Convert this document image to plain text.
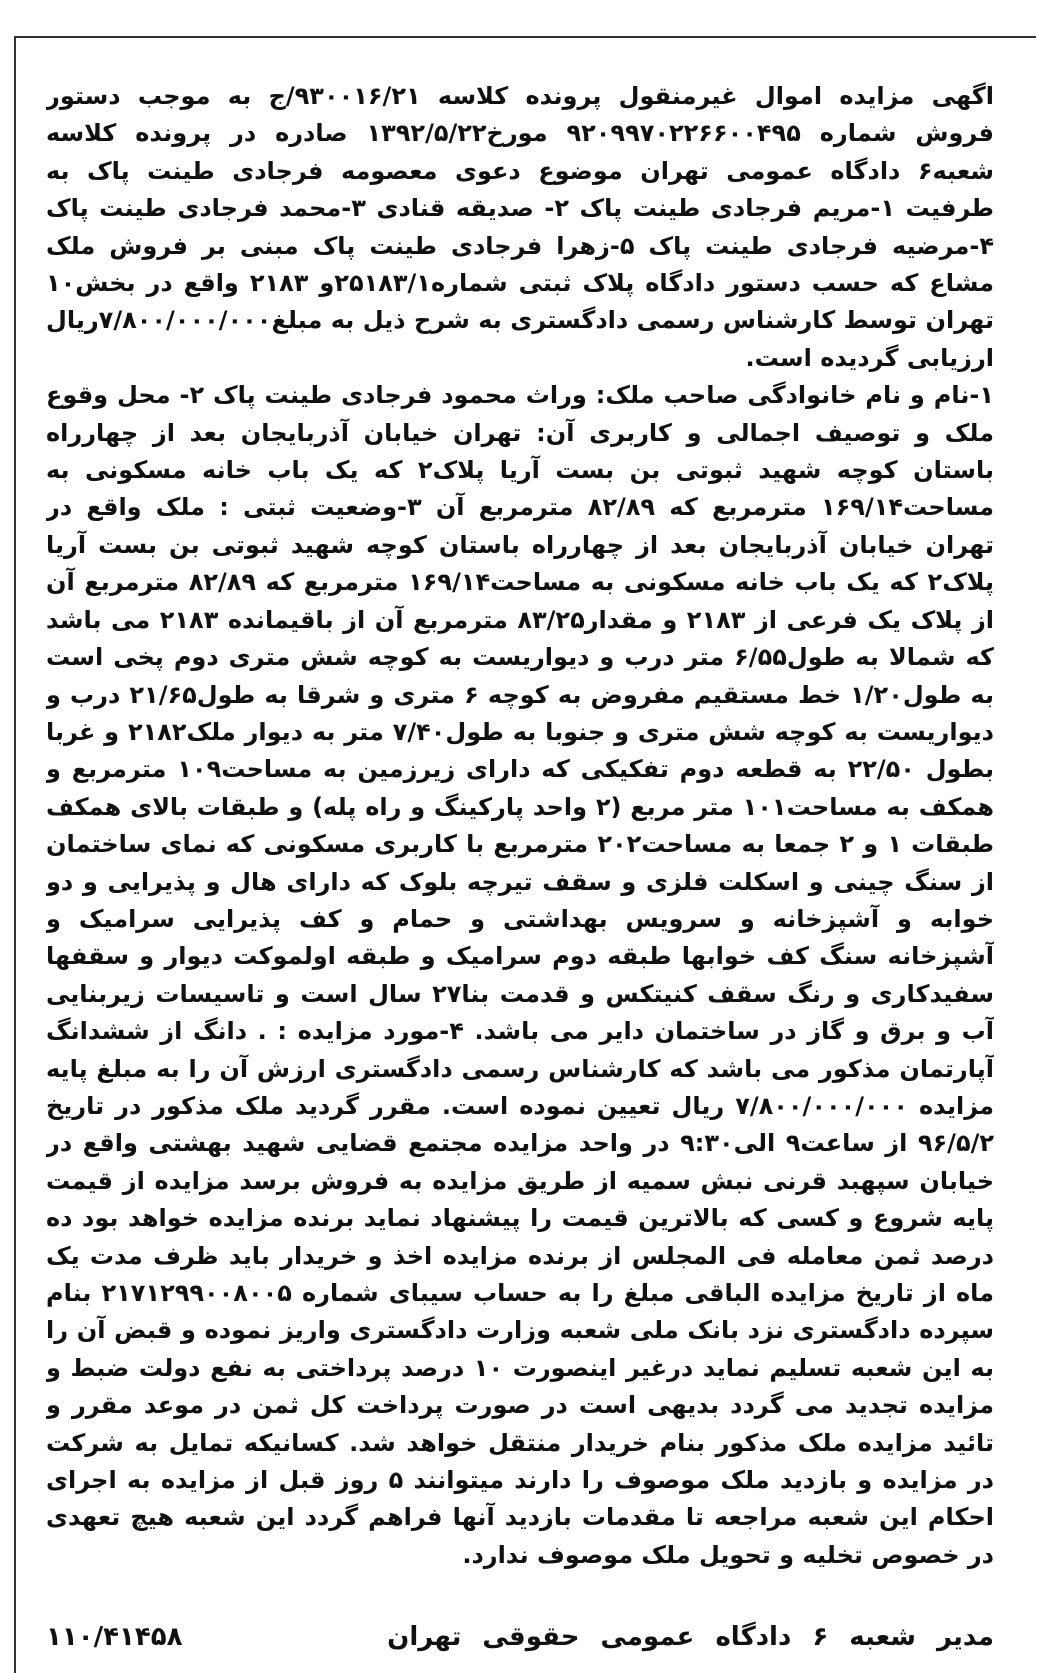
اگهی مزایده اموال غیرمنقول پرونده کلاسه ۹۳۰۰۱۶/۲۱/ج به موجب دستور فروش شماره ۹۲۰۹۹۷۰۲۲۶۶۰۰۴۹۵ مورخ۱۳۹۲/۵/۲۲ صادره در پرونده کلاسه شعبه۶ دادگاه عمومی تهران موضوع دعوی معصومه فرجادی طینت پاک به طرفیت ۱-مریم فرجادی طینت پاک ۲- صدیقه قنادی ۳-محمد فرجادی طینت پاک ۴-مرضیه فرجادی طینت پاک ۵-زهرا فرجادی طینت پاک مبنی بر فروش ملک مشاع که حسب دستور دادگاه پلاک ثبتی شماره۲۵۱۸۳/۱و ۲۱۸۳ واقع در بخش۱۰ تهران توسط کارشناس رسمی دادگستری به شرح ذیل به مبلغ۷/۸۰۰/۰۰۰/۰۰۰ریال ارزیابی گردیده است.

۱-نام و نام خانوادگی صاحب ملک: وراث محمود فرجادی طینت پاک ۲- محل وقوع ملک و توصیف اجمالی و کاربری آن: تهران خیابان آذربایجان بعد از چهارراه باستان کوچه شهید ثبوتی بن بست آریا پلاک۲ که یک باب خانه مسکونی به مساحت۱۶۹/۱۴ مترمربع که ۸۲/۸۹ مترمربع آن ۳-وضعیت ثبتی : ملک واقع در تهران خیابان آذربایجان بعد از چهارراه باستان کوچه شهید ثبوتی بن بست آریا پلاک۲ که یک باب خانه مسکونی به مساحت۱۶۹/۱۴ مترمربع که ۸۲/۸۹ مترمربع آن از پلاک یک فرعی از ۲۱۸۳ و مقدار۸۳/۲۵ مترمربع آن از باقیمانده ۲۱۸۳ می باشد که شمالا به طول۶/۵۵ متر درب و دیواریست به کوچه شش متری دوم پخی است به طول۱/۲۰ خط مستقیم مفروض به کوچه ۶ متری و شرقا به طول۲۱/۶۵ درب و دیواریست به کوچه شش متری و جنوبا به طول۷/۴۰ متر به دیوار ملک۲۱۸۲ و غربا بطول ۲۲/۵۰ به قطعه دوم تفکیکی که دارای زیرزمین به مساحت۱۰۹ مترمربع و همکف به مساحت۱۰۱ متر مربع (۲ واحد پارکینگ و راه پله) و طبقات بالای همکف طبقات ۱ و ۲ جمعا به مساحت۲۰۲ مترمربع با کاربری مسکونی که نمای ساختمان از سنگ چینی و اسکلت فلزی و سقف تیرچه بلوک که دارای هال و پذیرایی و دو خوابه و آشپزخانه و سرویس بهداشتی و حمام و کف پذیرایی سرامیک و آشپزخانه سنگ کف خوابها طبقه دوم سرامیک و طبقه اولموکت دیوار و سقفها سفیدکاری و رنگ سقف کنیتکس و قدمت بنا۲۷ سال است و تاسیسات زیربنایی آب و برق و گاز در ساختمان دایر می باشد. ۴-مورد مزایده : . دانگ از ششدانگ آپارتمان مذکور می باشد که کارشناس رسمی دادگستری ارزش آن را به مبلغ پایه مزایده ۷/۸۰۰/۰۰۰/۰۰۰ ریال تعیین نموده است. مقرر گردید ملک مذکور در تاریخ ۹۶/۵/۲ از ساعت۹ الی۹:۳۰ در واحد مزایده مجتمع قضایی شهید بهشتی واقع در خیابان سپهبد قرنی نبش سمیه از طریق مزایده به فروش برسد مزایده از قیمت پایه شروع و کسی که بالاترین قیمت را پیشنهاد نماید برنده مزایده خواهد بود ده درصد ثمن معامله فی المجلس از برنده مزایده اخذ و خریدار باید ظرف مدت یک ماه از تاریخ مزایده الباقی مبلغ را به حساب سیبای شماره ۲۱۷۱۲۹۹۰۰۸۰۰۵ بنام سپرده دادگستری نزد بانک ملی شعبه وزارت دادگستری واریز نموده و قبض آن را به این شعبه تسلیم نماید درغیر اینصورت ۱۰ درصد پرداختی به نفع دولت ضبط و مزایده تجدید می گردد بدیهی است در صورت پرداخت کل ثمن در موعد مقرر و تائید مزایده ملک مذکور بنام خریدار منتقل خواهد شد. کسانیکه تمایل به شرکت در مزایده و بازدید ملک موصوف را دارند میتوانند ۵ روز قبل از مزایده به اجرای احکام این شعبه مراجعه تا مقدمات بازدید آنها فراهم گردد این شعبه هیچ تعهدی در خصوص تخلیه و تحویل ملک موصوف ندارد.

مدیر شعبه ۶ دادگاه عمومی حقوقی تهران
۱۱۰/۴۱۴۵۸
